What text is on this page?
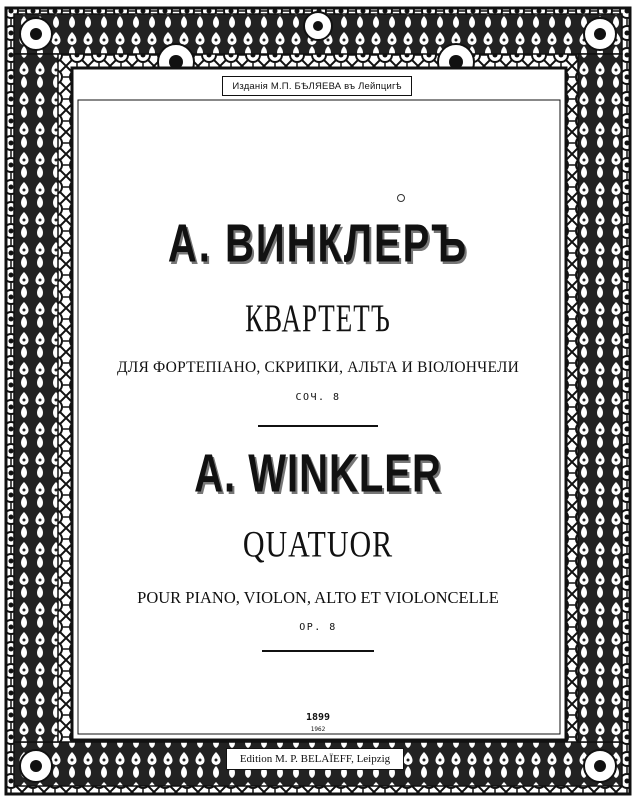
Изданія М.П. БѢЛЯЕВА въ Лейпцигѣ
А. ВИНКЛЕРЪ
КВАРТЕТЪ
ДЛЯ ФОРТЕПІАНО, СКРИПКИ, АЛЬТА И ВІОЛОНЧЕЛИ
СОЧ. 8
A. WINKLER
QUATUOR
POUR PIANO, VIOLON, ALTO ET VIOLONCELLE
OP. 8
1899
1962
Edition M. P. BELAÏEFF, Leipzig
